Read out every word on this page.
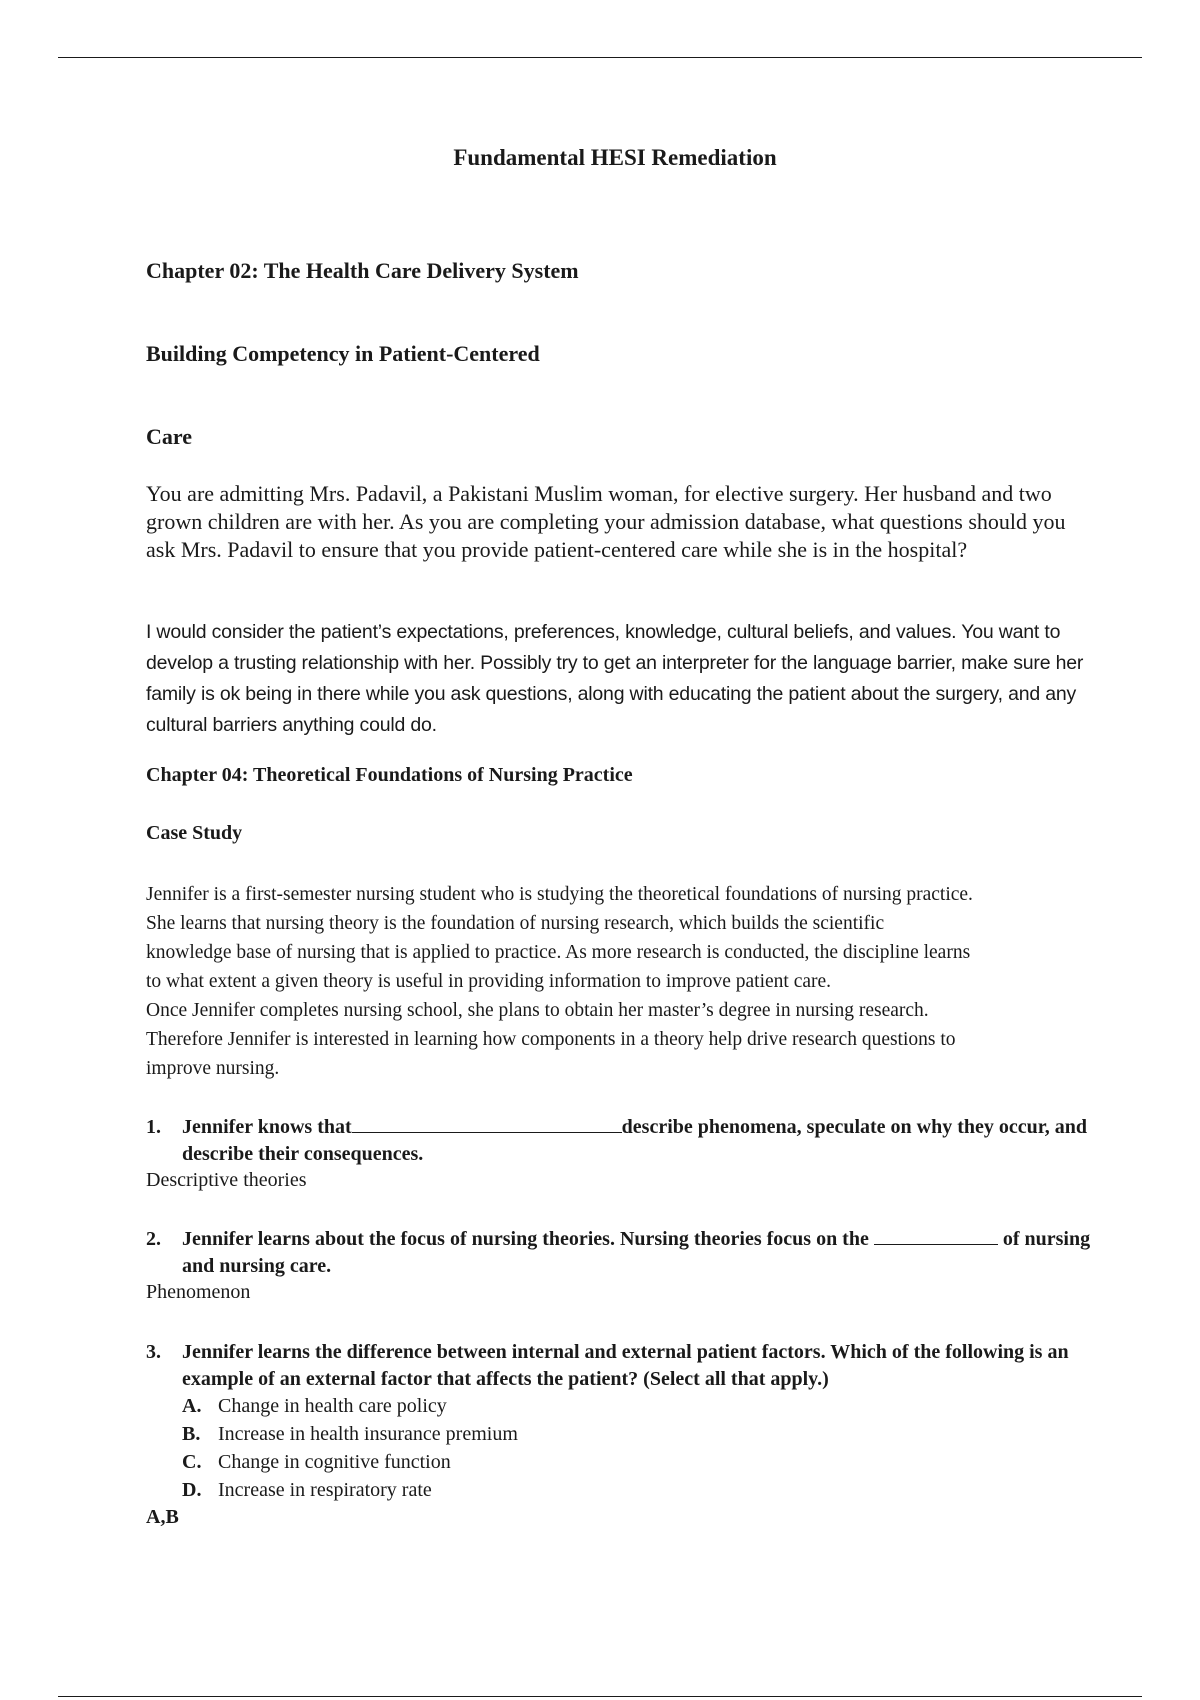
Fundamental HESI Remediation
Chapter 02: The Health Care Delivery System
Building Competency in Patient-Centered
Care

You are admitting Mrs. Padavil, a Pakistani Muslim woman, for elective surgery. Her husband and two grown children are with her. As you are completing your admission database, what questions should you ask Mrs. Padavil to ensure that you provide patient-centered care while she is in the hospital?

I would consider the patient’s expectations, preferences, knowledge, cultural beliefs, and values. You want to develop a trusting relationship with her. Possibly try to get an interpreter for the language barrier, make sure her family is ok being in there while you ask questions, along with educating the patient about the surgery, and any cultural barriers anything could do.

Chapter 04: Theoretical Foundations of Nursing Practice
Case Study

Jennifer is a first-semester nursing student who is studying the theoretical foundations of nursing practice.
She learns that nursing theory is the foundation of nursing research, which builds the scientific
knowledge base of nursing that is applied to practice. As more research is conducted, the discipline learns
to what extent a given theory is useful in providing information to improve patient care.
Once Jennifer completes nursing school, she plans to obtain her master’s degree in nursing research.
Therefore Jennifer is interested in learning how components in a theory help drive research questions to
improve nursing.

1. Jennifer knows that	describe phenomena, speculate on why they occur, and describe their consequences.

Descriptive theories

2. Jennifer learns about the focus of nursing theories. Nursing theories focus on the	of nursing and nursing care.

Phenomenon

3. Jennifer learns the difference between internal and external patient factors. Which of the following is an example of an external factor that affects the patient? (Select all that apply.)

A. Change in health care policy
B. Increase in health insurance premium
C. Change in cognitive function
D. Increase in respiratory rate

A,B
